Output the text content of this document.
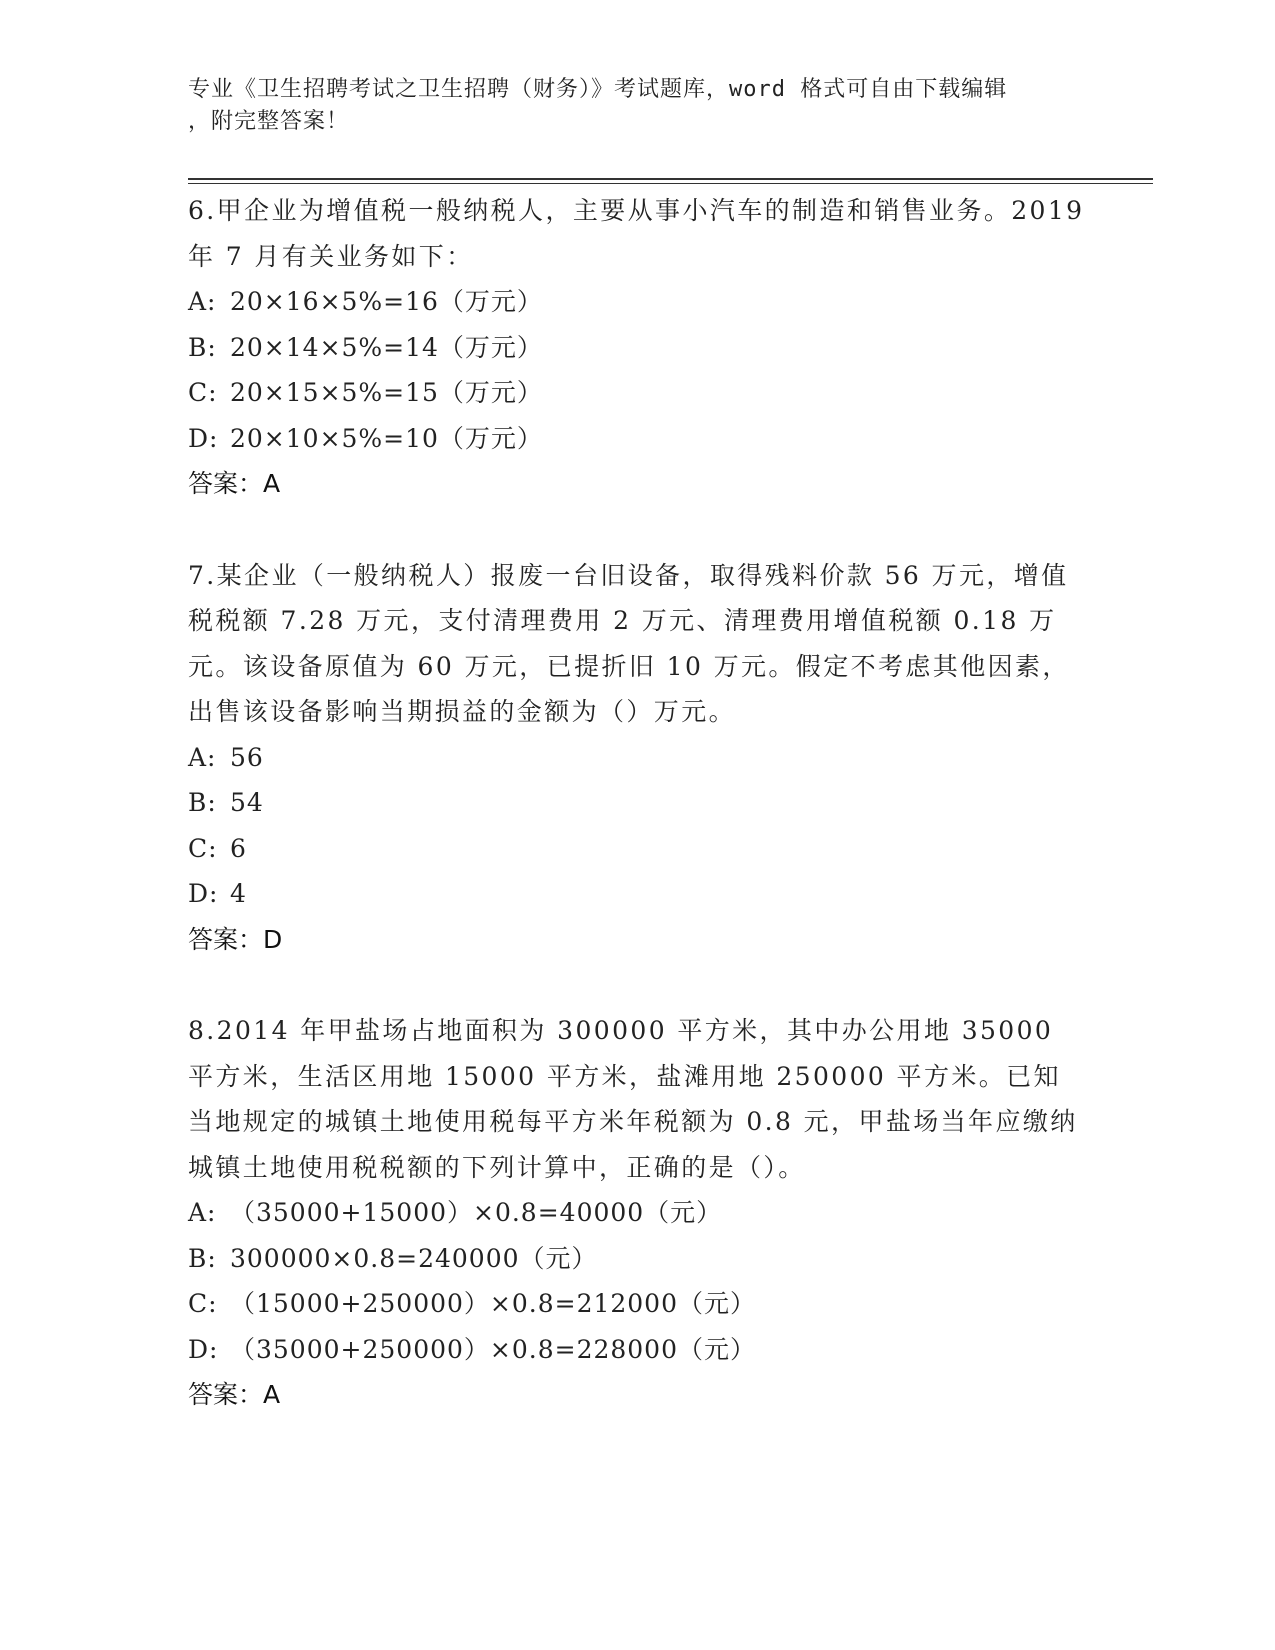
专业《卫生招聘考试之卫生招聘（财务）》考试题库，word 格式可自由下载编辑
，附完整答案！

6.甲企业为增值税一般纳税人，主要从事小汽车的制造和销售业务。2019 年 7 月有关业务如下：

A: 20×16×5%=16（万元）

B: 20×14×5%=14（万元）

C: 20×15×5%=15（万元）

D: 20×10×5%=10（万元）

答案：A

7.某企业（一般纳税人）报废一台旧设备，取得残料价款 56 万元，增值税税额 7.28 万元，支付清理费用 2 万元、清理费用增值税额 0.18 万元。该设备原值为 60 万元，已提折旧 10 万元。假定不考虑其他因素，出售该设备影响当期损益的金额为（）万元。

A: 56

B: 54

C: 6

D: 4

答案：D

8.2014 年甲盐场占地面积为 300000 平方米，其中办公用地 35000 平方米，生活区用地 15000 平方米，盐滩用地 250000 平方米。已知当地规定的城镇土地使用税每平方米年税额为 0.8 元，甲盐场当年应缴纳城镇土地使用税税额的下列计算中，正确的是（）。

A: （35000+15000）×0.8=40000（元）

B: 300000×0.8=240000（元）

C: （15000+250000）×0.8=212000（元）

D: （35000+250000）×0.8=228000（元）

答案：A
